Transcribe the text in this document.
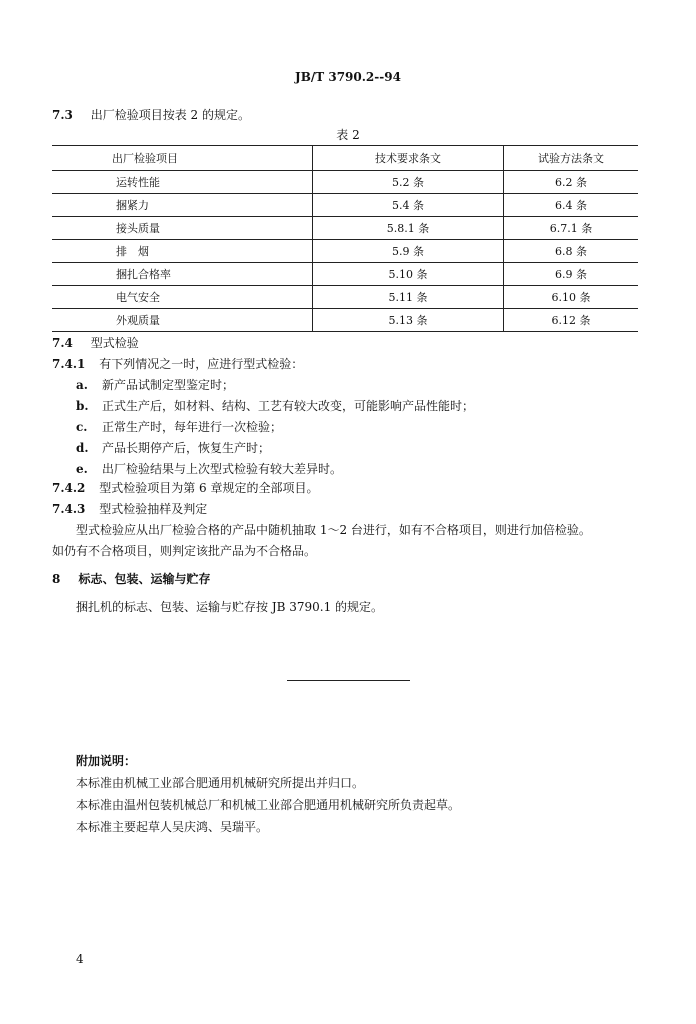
JB/T 3790.2--94
7.3 出厂检验项目按表 2 的规定。
表 2
出厂检验项目	技术要求条文	试验方法条文
运转性能	5.2 条	6.2 条
捆紧力	5.4 条	6.4 条
接头质量	5.8.1 条	6.7.1 条
排　烟	5.9 条	6.8 条
捆扎合格率	5.10 条	6.9 条
电气安全	5.11 条	6.10 条
外观质量	5.13 条	6.12 条
7.4 型式检验
7.4.1 有下列情况之一时，应进行型式检验：
a. 新产品试制定型鉴定时；
b. 正式生产后，如材料、结构、工艺有较大改变，可能影响产品性能时；
c. 正常生产时，每年进行一次检验；
d. 产品长期停产后，恢复生产时；
e. 出厂检验结果与上次型式检验有较大差异时。
7.4.2 型式检验项目为第 6 章规定的全部项目。
7.4.3 型式检验抽样及判定
型式检验应从出厂检验合格的产品中随机抽取 1～2 台进行，如有不合格项目，则进行加倍检验。
如仍有不合格项目，则判定该批产品为不合格品。
8 标志、包装、运输与贮存
捆扎机的标志、包装、运输与贮存按 JB 3790.1 的规定。
附加说明：
本标准由机械工业部合肥通用机械研究所提出并归口。
本标准由温州包装机械总厂和机械工业部合肥通用机械研究所负责起草。
本标准主要起草人吴庆鸿、吴瑞平。
4
